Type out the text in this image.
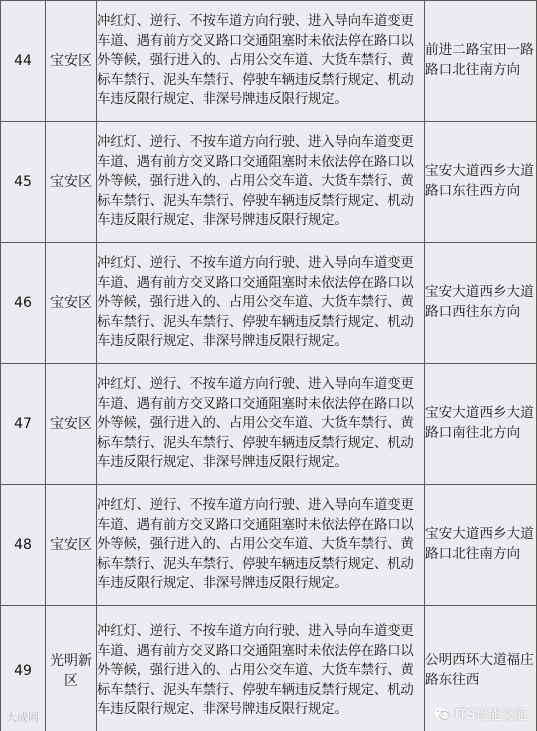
44	宝安区	冲红灯、逆行、不按车道方向行驶、进入导向车道变更车道、遇有前方交叉路口交通阻塞时未依法停在路口以外等候，强行进入的、占用公交车道、大货车禁行、黄标车禁行、泥头车禁行、停驶车辆违反禁行规定、机动车违反限行规定、非深号牌违反限行规定。	前进二路宝田一路路口北往南方向
45	宝安区	冲红灯、逆行、不按车道方向行驶、进入导向车道变更车道、遇有前方交叉路口交通阻塞时未依法停在路口以外等候，强行进入的、占用公交车道、大货车禁行、黄标车禁行、泥头车禁行、停驶车辆违反禁行规定、机动车违反限行规定、非深号牌违反限行规定。	宝安大道西乡大道路口东往西方向
46	宝安区	冲红灯、逆行、不按车道方向行驶、进入导向车道变更车道、遇有前方交叉路口交通阻塞时未依法停在路口以外等候，强行进入的、占用公交车道、大货车禁行、黄标车禁行、泥头车禁行、停驶车辆违反禁行规定、机动车违反限行规定、非深号牌违反限行规定。	宝安大道西乡大道路口西往东方向
47	宝安区	冲红灯、逆行、不按车道方向行驶、进入导向车道变更车道、遇有前方交叉路口交通阻塞时未依法停在路口以外等候，强行进入的、占用公交车道、大货车禁行、黄标车禁行、泥头车禁行、停驶车辆违反禁行规定、机动车违反限行规定、非深号牌违反限行规定。	宝安大道西乡大道路口南往北方向
48	宝安区	冲红灯、逆行、不按车道方向行驶、进入导向车道变更车道、遇有前方交叉路口交通阻塞时未依法停在路口以外等候，强行进入的、占用公交车道、大货车禁行、黄标车禁行、泥头车禁行、停驶车辆违反禁行规定、机动车违反限行规定、非深号牌违反限行规定。	宝安大道西乡大道路口北往南方向
49	光明新区	冲红灯、逆行、不按车道方向行驶、进入导向车道变更车道、遇有前方交叉路口交通阻塞时未依法停在路口以外等候，强行进入的、占用公交车道、大货车禁行、黄标车禁行、泥头车禁行、停驶车辆违反禁行规定、机动车违反限行规定、非深号牌违反限行规定。	公明西环大道福庄路东往西
大成网	ITS智能交通
